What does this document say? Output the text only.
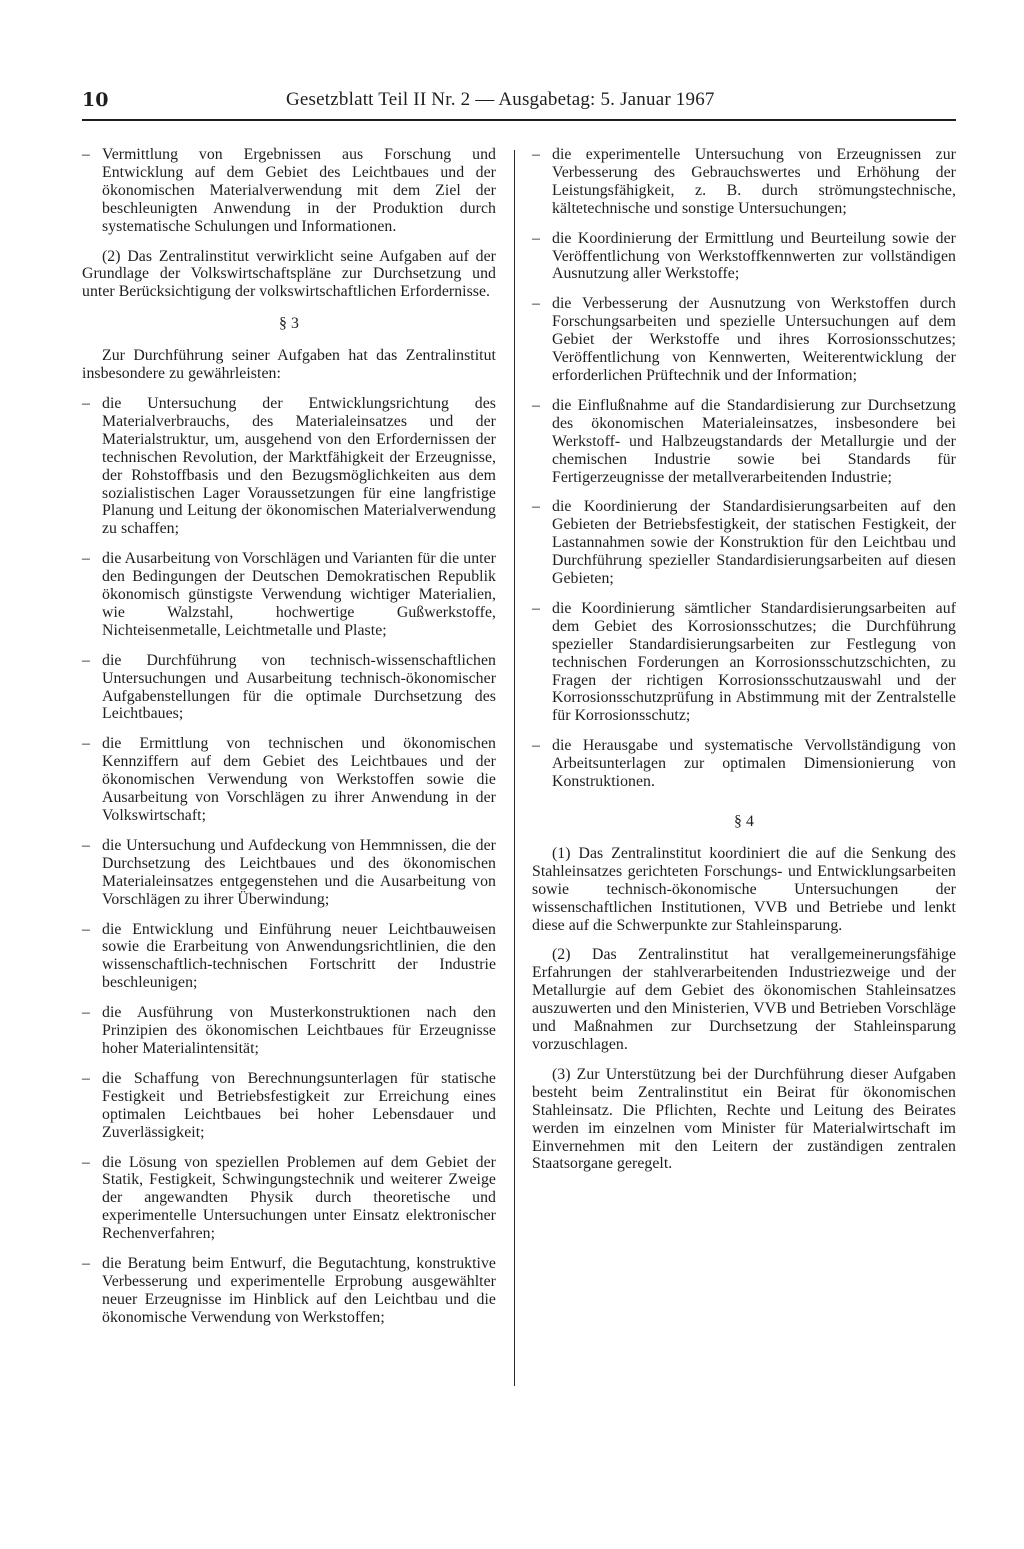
10	Gesetzblatt Teil II Nr. 2 — Ausgabetag: 5. Januar 1967
– Vermittlung von Ergebnissen aus Forschung und Entwicklung auf dem Gebiet des Leichtbaues und der ökonomischen Materialverwendung mit dem Ziel der beschleunigten Anwendung in der Produktion durch systematische Schulungen und Informationen.
(2) Das Zentralinstitut verwirklicht seine Aufgaben auf der Grundlage der Volkswirtschaftspläne zur Durchsetzung und unter Berücksichtigung der volkswirtschaftlichen Erfordernisse.
§ 3
Zur Durchführung seiner Aufgaben hat das Zentralinstitut insbesondere zu gewährleisten:
– die Untersuchung der Entwicklungsrichtung des Materialverbrauchs, des Materialeinsatzes und der Materialstruktur, um, ausgehend von den Erfordernissen der technischen Revolution, der Marktfähigkeit der Erzeugnisse, der Rohstoffbasis und den Bezugsmöglichkeiten aus dem sozialistischen Lager Voraussetzungen für eine langfristige Planung und Leitung der ökonomischen Materialverwendung zu schaffen;
– die Ausarbeitung von Vorschlägen und Varianten für die unter den Bedingungen der Deutschen Demokratischen Republik ökonomisch günstigste Verwendung wichtiger Materialien, wie Walzstahl, hochwertige Gußwerkstoffe, Nichteisenmetalle, Leichtmetalle und Plaste;
– die Durchführung von technisch-wissenschaftlichen Untersuchungen und Ausarbeitung technisch-ökonomischer Aufgabenstellungen für die optimale Durchsetzung des Leichtbaues;
– die Ermittlung von technischen und ökonomischen Kennziffern auf dem Gebiet des Leichtbaues und der ökonomischen Verwendung von Werkstoffen sowie die Ausarbeitung von Vorschlägen zu ihrer Anwendung in der Volkswirtschaft;
– die Untersuchung und Aufdeckung von Hemmnissen, die der Durchsetzung des Leichtbaues und des ökonomischen Materialeinsatzes entgegenstehen und die Ausarbeitung von Vorschlägen zu ihrer Überwindung;
– die Entwicklung und Einführung neuer Leichtbauweisen sowie die Erarbeitung von Anwendungsrichtlinien, die den wissenschaftlich-technischen Fortschritt der Industrie beschleunigen;
– die Ausführung von Musterkonstruktionen nach den Prinzipien des ökonomischen Leichtbaues für Erzeugnisse hoher Materialintensität;
– die Schaffung von Berechnungsunterlagen für statische Festigkeit und Betriebsfestigkeit zur Erreichung eines optimalen Leichtbaues bei hoher Lebensdauer und Zuverlässigkeit;
– die Lösung von speziellen Problemen auf dem Gebiet der Statik, Festigkeit, Schwingungstechnik und weiterer Zweige der angewandten Physik durch theoretische und experimentelle Untersuchungen unter Einsatz elektronischer Rechenverfahren;
– die Beratung beim Entwurf, die Begutachtung, konstruktive Verbesserung und experimentelle Erprobung ausgewählter neuer Erzeugnisse im Hinblick auf den Leichtbau und die ökonomische Verwendung von Werkstoffen;
– die experimentelle Untersuchung von Erzeugnissen zur Verbesserung des Gebrauchswertes und Erhöhung der Leistungsfähigkeit, z. B. durch strömungstechnische, kältetechnische und sonstige Untersuchungen;
– die Koordinierung der Ermittlung und Beurteilung sowie der Veröffentlichung von Werkstoffkennwerten zur vollständigen Ausnutzung aller Werkstoffe;
– die Verbesserung der Ausnutzung von Werkstoffen durch Forschungsarbeiten und spezielle Untersuchungen auf dem Gebiet der Werkstoffe und ihres Korrosionsschutzes; Veröffentlichung von Kennwerten, Weiterentwicklung der erforderlichen Prüftechnik und der Information;
– die Einflußnahme auf die Standardisierung zur Durchsetzung des ökonomischen Materialeinsatzes, insbesondere bei Werkstoff- und Halbzeugstandards der Metallurgie und der chemischen Industrie sowie bei Standards für Fertigerzeugnisse der metallverarbeitenden Industrie;
– die Koordinierung der Standardisierungsarbeiten auf den Gebieten der Betriebsfestigkeit, der statischen Festigkeit, der Lastannahmen sowie der Konstruktion für den Leichtbau und Durchführung spezieller Standardisierungsarbeiten auf diesen Gebieten;
– die Koordinierung sämtlicher Standardisierungsarbeiten auf dem Gebiet des Korrosionsschutzes; die Durchführung spezieller Standardisierungsarbeiten zur Festlegung von technischen Forderungen an Korrosionsschutzschichten, zu Fragen der richtigen Korrosionsschutzauswahl und der Korrosionsschutzprüfung in Abstimmung mit der Zentralstelle für Korrosionsschutz;
– die Herausgabe und systematische Vervollständigung von Arbeitsunterlagen zur optimalen Dimensionierung von Konstruktionen.
§ 4
(1) Das Zentralinstitut koordiniert die auf die Senkung des Stahleinsatzes gerichteten Forschungs- und Entwicklungsarbeiten sowie technisch-ökonomische Untersuchungen der wissenschaftlichen Institutionen, VVB und Betriebe und lenkt diese auf die Schwerpunkte zur Stahleinsparung.
(2) Das Zentralinstitut hat verallgemeinerungsfähige Erfahrungen der stahlverarbeitenden Industriezweige und der Metallurgie auf dem Gebiet des ökonomischen Stahleinsatzes auszuwerten und den Ministerien, VVB und Betrieben Vorschläge und Maßnahmen zur Durchsetzung der Stahleinsparung vorzuschlagen.
(3) Zur Unterstützung bei der Durchführung dieser Aufgaben besteht beim Zentralinstitut ein Beirat für ökonomischen Stahleinsatz. Die Pflichten, Rechte und Leitung des Beirates werden im einzelnen vom Minister für Materialwirtschaft im Einvernehmen mit den Leitern der zuständigen zentralen Staatsorgane geregelt.
